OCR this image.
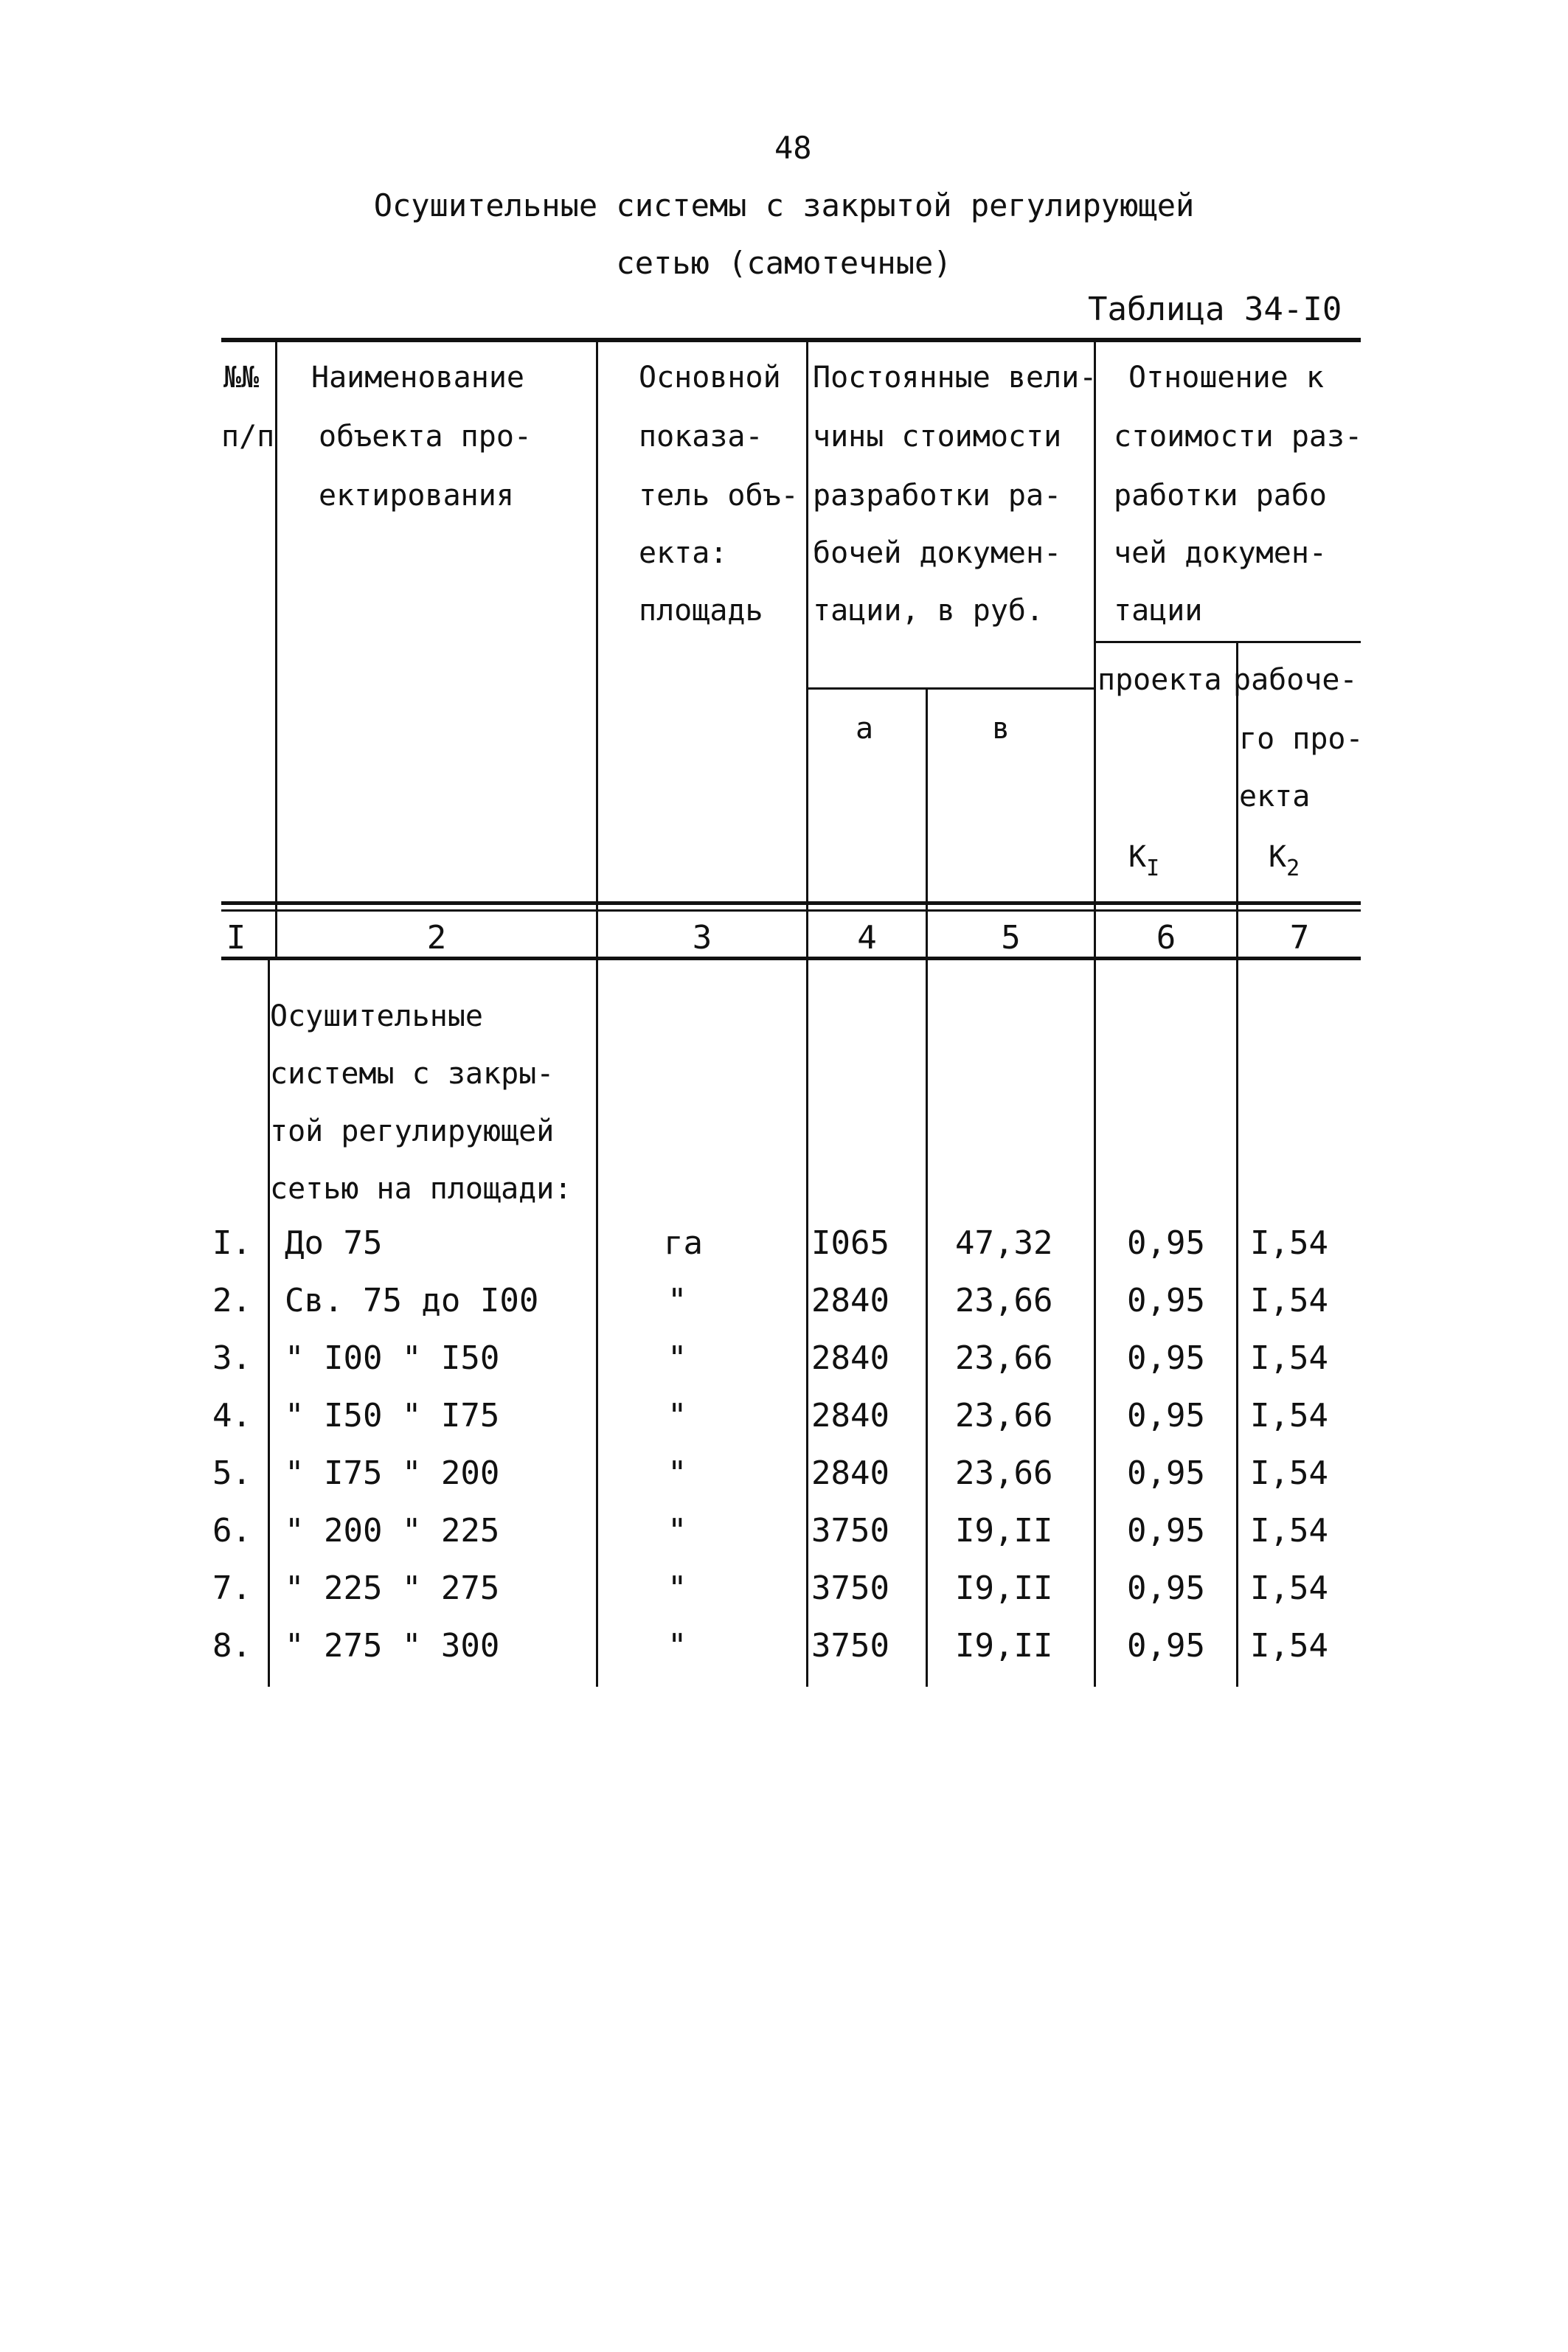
48
Осушительные системы с закрытой регулирующей
сетью (самотечные)
Таблица 34-I0
№№
п/п
Наименование
объекта про-
ектирования
Основной
показа-
тель объ-
екта:
площадь
Постоянные вели-
чины стоимости
разработки ра-
бочей докумен-
тации, в руб.
а	в
Отношение к
стоимости раз-
работки рабо
чей докумен-
тации
проекта рабоче-
го про-
екта
$К_I$	$К_2$
I	2	3	4	5	6	7
Осушительные
системы с закры-
той регулирующей
сетью на площади:
I. До 75	га	I065 47,32 0,95 I,54
2. Св. 75 до I00	"	2840 23,66 0,95 I,54
3. " I00 " I50	"	2840 23,66 0,95 I,54
4. " I50 " I75	"	2840 23,66 0,95 I,54
5. " I75 " 200	"	2840 23,66 0,95 I,54
6. " 200 " 225	"	3750 I9,II 0,95 I,54
7. " 225 " 275	"	3750 I9,II 0,95 I,54
8. " 275 " 300	"	3750 I9,II 0,95 I,54
